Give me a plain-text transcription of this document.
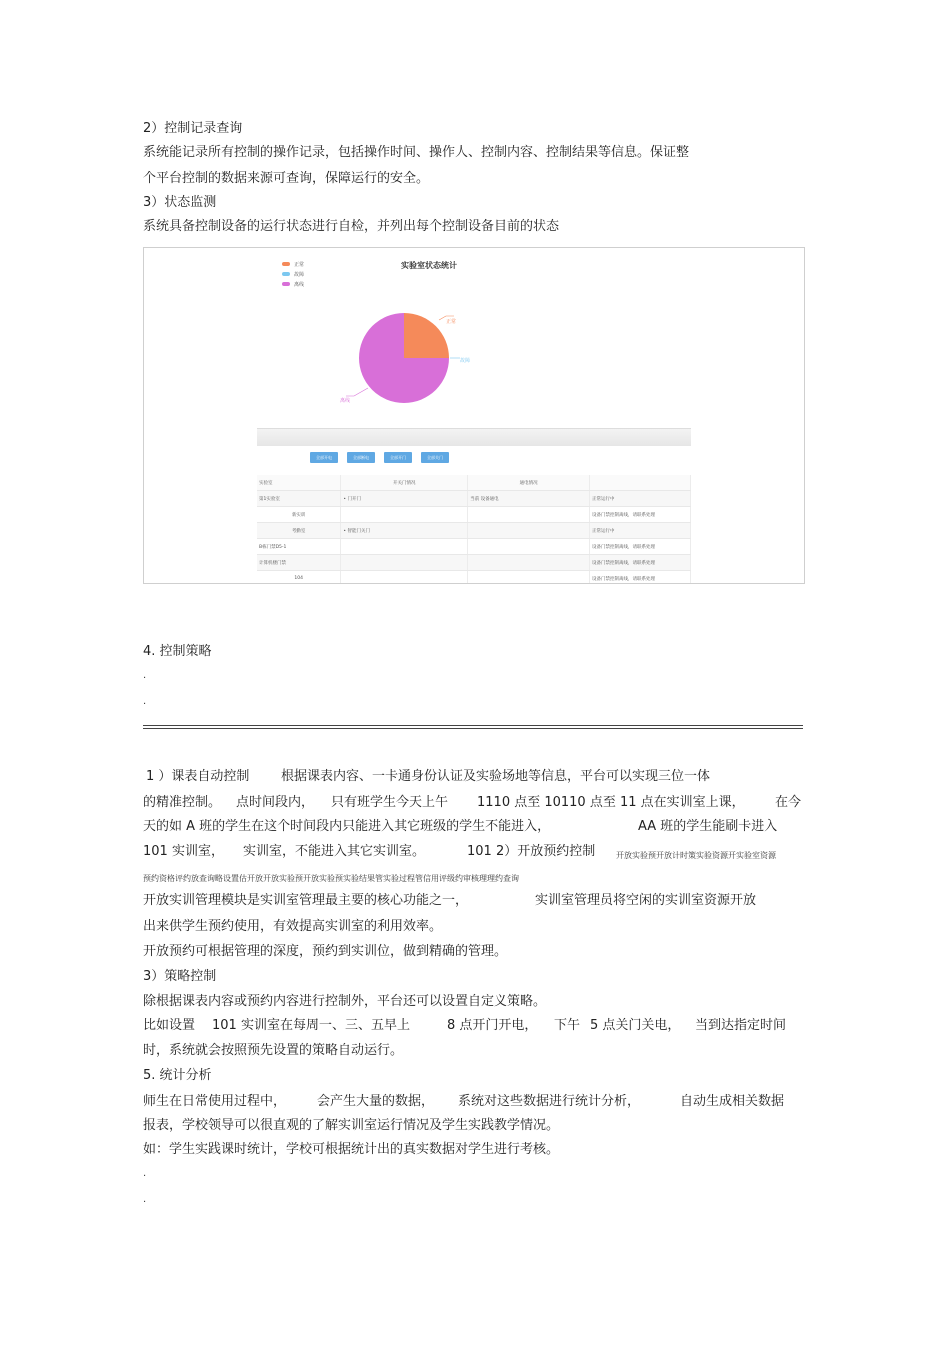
2）控制记录查询
系统能记录所有控制的操作记录，包括操作时间、操作人、控制内容、控制结果等信息。保证整
个平台控制的数据来源可查询，保障运行的安全。
3）状态监测
系统具备控制设备的运行状态进行自检，并列出每个控制设备目前的状态
正常
故障
离线
实验室状态统计
正常
故障
离线
全部开电	全部断电	全部开门	全部关门
实验室	开关门情况	通电情况	
第1实验室	• 门开门	当前 设备通电	正常运行中
新实训			设备门禁控制离线，请联系处理
考勤室	• 智能门关门		正常运行中
B栋门禁D5-1			设备门禁控制离线，请联系处理
计算机楼门禁			设备门禁控制离线，请联系处理
104			设备门禁控制离线，请联系处理
4. 控制策略
.
.
1 ）课表自动控制 根据课表内容、一卡通身份认证及实验场地等信息，平台可以实现三位一体
的精准控制。 点时间段内， 只有班学生今天上午 1110 点至 10110 点至 11 点在实训室上课， 在今
天的如 A 班的学生在这个时间段内只能进入其它班级的学生不能进入，	AA 班的学生能刷卡进入
101 实训室， 实训室，不能进入其它实训室。	101 2）开放预约控制	开放实验预开放计时策实验资源开实验室资源
预约资格评约放查询略设置估开放开放实验预开放实验预实验结果管实验过程管信用评级约审核理理约查询
开放实训管理模块是实训室管理最主要的核心功能之一，	实训室管理员将空闲的实训室资源开放
出来供学生预约使用，有效提高实训室的利用效率。
开放预约可根据管理的深度，预约到实训位，做到精确的管理。
3）策略控制
除根据课表内容或预约内容进行控制外，平台还可以设置自定义策略。
比如设置 101 实训室在每周一、三、五早上	8 点开门开电， 下午 5 点关门关电， 当到达指定时间
时，系统就会按照预先设置的策略自动运行。
5. 统计分析
师生在日常使用过程中， 会产生大量的数据， 系统对这些数据进行统计分析，	自动生成相关数据
报表，学校领导可以很直观的了解实训室运行情况及学生实践教学情况。
如：学生实践课时统计，学校可根据统计出的真实数据对学生进行考核。
.
.
